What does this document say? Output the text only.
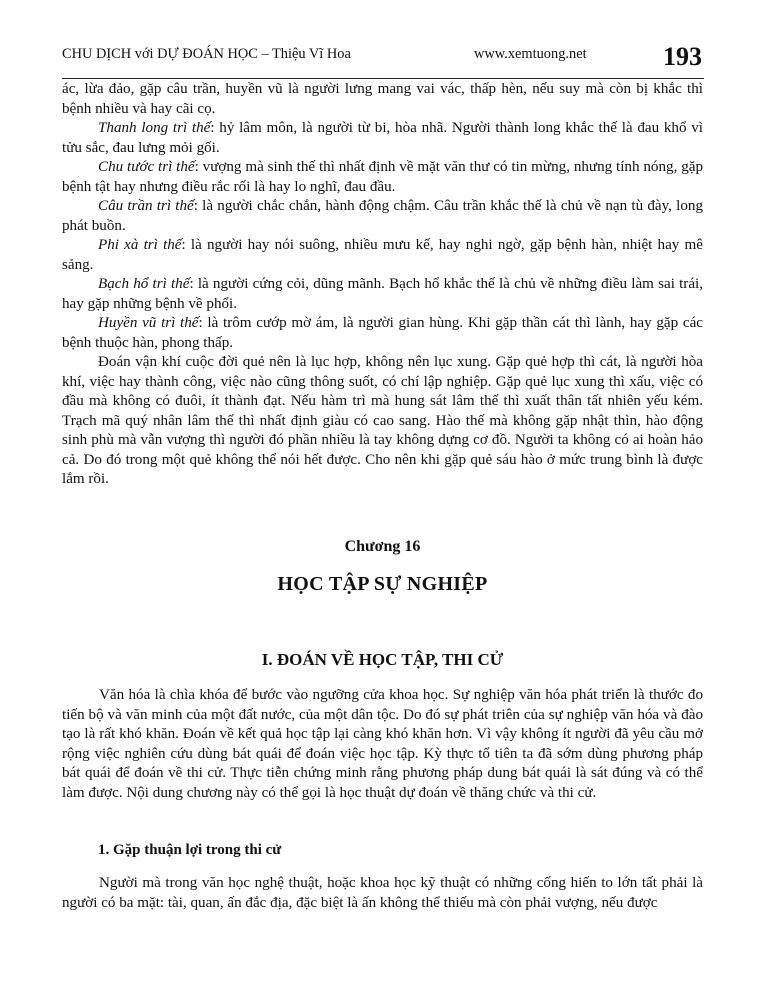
CHU DỊCH với DỰ ĐOÁN HỌC – Thiệu Vĩ Hoa	www.xemtuong.net	193

ác, lừa đảo, gặp câu trần, huyền vũ là người lưng mang vai vác, thấp hèn, nếu suy mà còn bị khắc thì bệnh nhiều và hay cãi cọ.

Thanh long trì thế: hỷ lâm môn, là người từ bi, hòa nhã. Người thành long khắc thế là đau khổ vì tửu sắc, đau lưng mỏi gối.

Chu tước trì thế: vượng mà sinh thế thì nhất định về mặt văn thư có tin mừng, nhưng tính nóng, gặp bệnh tật hay nhưng điều rắc rối là hay lo nghĩ, đau đầu.

Câu trần trì thế: là người chắc chắn, hành động chậm. Câu trần khắc thế là chủ về nạn tù đày, long phát buồn.

Phi xà trì thế: là người hay nói suông, nhiều mưu kế, hay nghi ngờ, gặp bệnh hàn, nhiệt hay mê sảng.

Bạch hổ trì thế: là người cứng cỏi, dũng mãnh. Bạch hổ khắc thế là chủ về những điều làm sai trái, hay gặp những bệnh về phổi.

Huyền vũ trì thế: là trôm cướp mờ ám, là người gian hùng. Khi gặp thần cát thì lành, hay gặp các bệnh thuộc hàn, phong thấp.

Đoán vận khí cuộc đời quẻ nên là lục hợp, không nên lục xung. Gặp quẻ hợp thì cát, là người hòa khí, việc hay thành công, việc nào cũng thông suốt, có chí lập nghiệp. Gặp quẻ lục xung thì xấu, việc có đầu mà không có đuôi, ít thành đạt. Nếu hàm trì mà hung sát lâm thế thì xuất thân tất nhiên yếu kém. Trạch mã quý nhân lâm thế thì nhất định giàu có cao sang. Hào thế mà không gặp nhật thìn, hào động sinh phù mà vẫn vượng thì người đó phần nhiều là tay không dựng cơ đồ. Người ta không có ai hoàn hảo cả. Do đó trong một quẻ không thể nói hết được. Cho nên khi gặp quẻ sáu hào ở mức trung bình là được lắm rồi.

Chương 16
HỌC TẬP SỰ NGHIỆP
I. ĐOÁN VỀ HỌC TẬP, THI CỬ

Văn hóa là chìa khóa để bước vào ngưỡng cửa khoa học. Sự nghiệp văn hóa phát triển là thước đo tiến bộ và văn minh của một đất nước, của một dân tộc. Do đó sự phát triên của sự nghiệp văn hóa và đào tạo là rất khó khăn. Đoán về kết quả học tập lại càng khó khăn hơn. Vì vậy không ít người đã yêu cầu mở rộng việc nghiên cứu dùng bát quái để đoán việc học tập. Kỳ thực tổ tiên ta đã sớm dùng phương pháp bát quái để đoán về thi cử. Thực tiễn chứng minh rằng phương pháp dung bát quái là sát đúng và có thể làm được. Nội dung chương này có thể gọi là học thuật dự đoán về thăng chức và thi cử.

1. Gặp thuận lợi trong thi cử

Người mà trong văn học nghệ thuật, hoặc khoa học kỹ thuật có những cống hiến to lớn tất phải là người có ba mặt: tài, quan, ấn đắc địa, đặc biệt là ấn không thể thiếu mà còn phải vượng, nếu được
